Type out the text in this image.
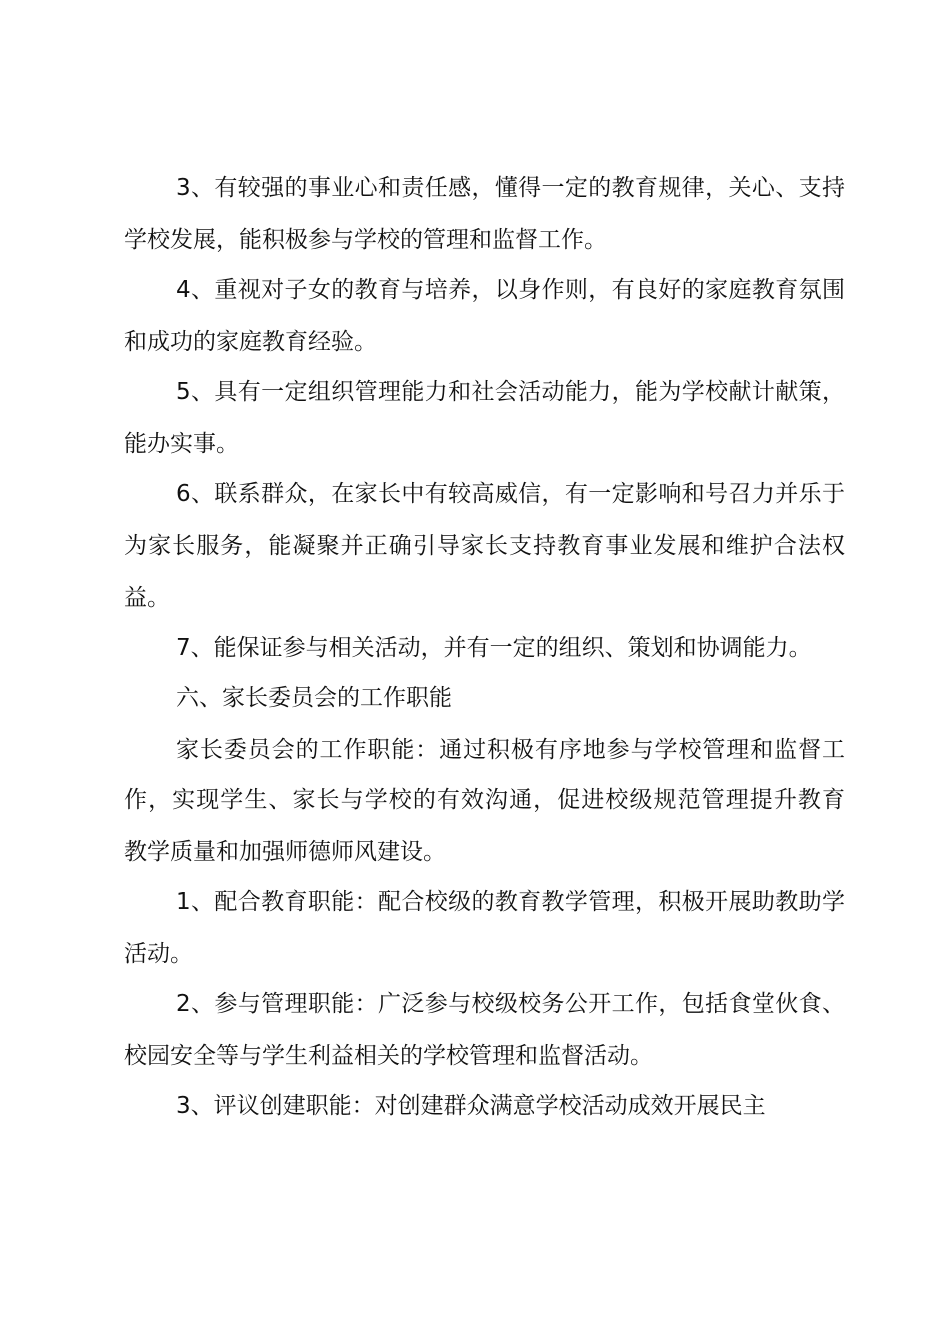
3、有较强的事业心和责任感，懂得一定的教育规律，关心、支持
学校发展，能积极参与学校的管理和监督工作。
4、重视对子女的教育与培养，以身作则，有良好的家庭教育氛围
和成功的家庭教育经验。
5、具有一定组织管理能力和社会活动能力，能为学校献计献策，
能办实事。
6、联系群众，在家长中有较高威信，有一定影响和号召力并乐于
为家长服务，能凝聚并正确引导家长支持教育事业发展和维护合法权
益。
7、能保证参与相关活动，并有一定的组织、策划和协调能力。
六、家长委员会的工作职能
家长委员会的工作职能：通过积极有序地参与学校管理和监督工
作，实现学生、家长与学校的有效沟通，促进校级规范管理提升教育
教学质量和加强师德师风建设。
1、配合教育职能：配合校级的教育教学管理，积极开展助教助学
活动。
2、参与管理职能：广泛参与校级校务公开工作，包括食堂伙食、
校园安全等与学生利益相关的学校管理和监督活动。
3、评议创建职能：对创建群众满意学校活动成效开展民主
